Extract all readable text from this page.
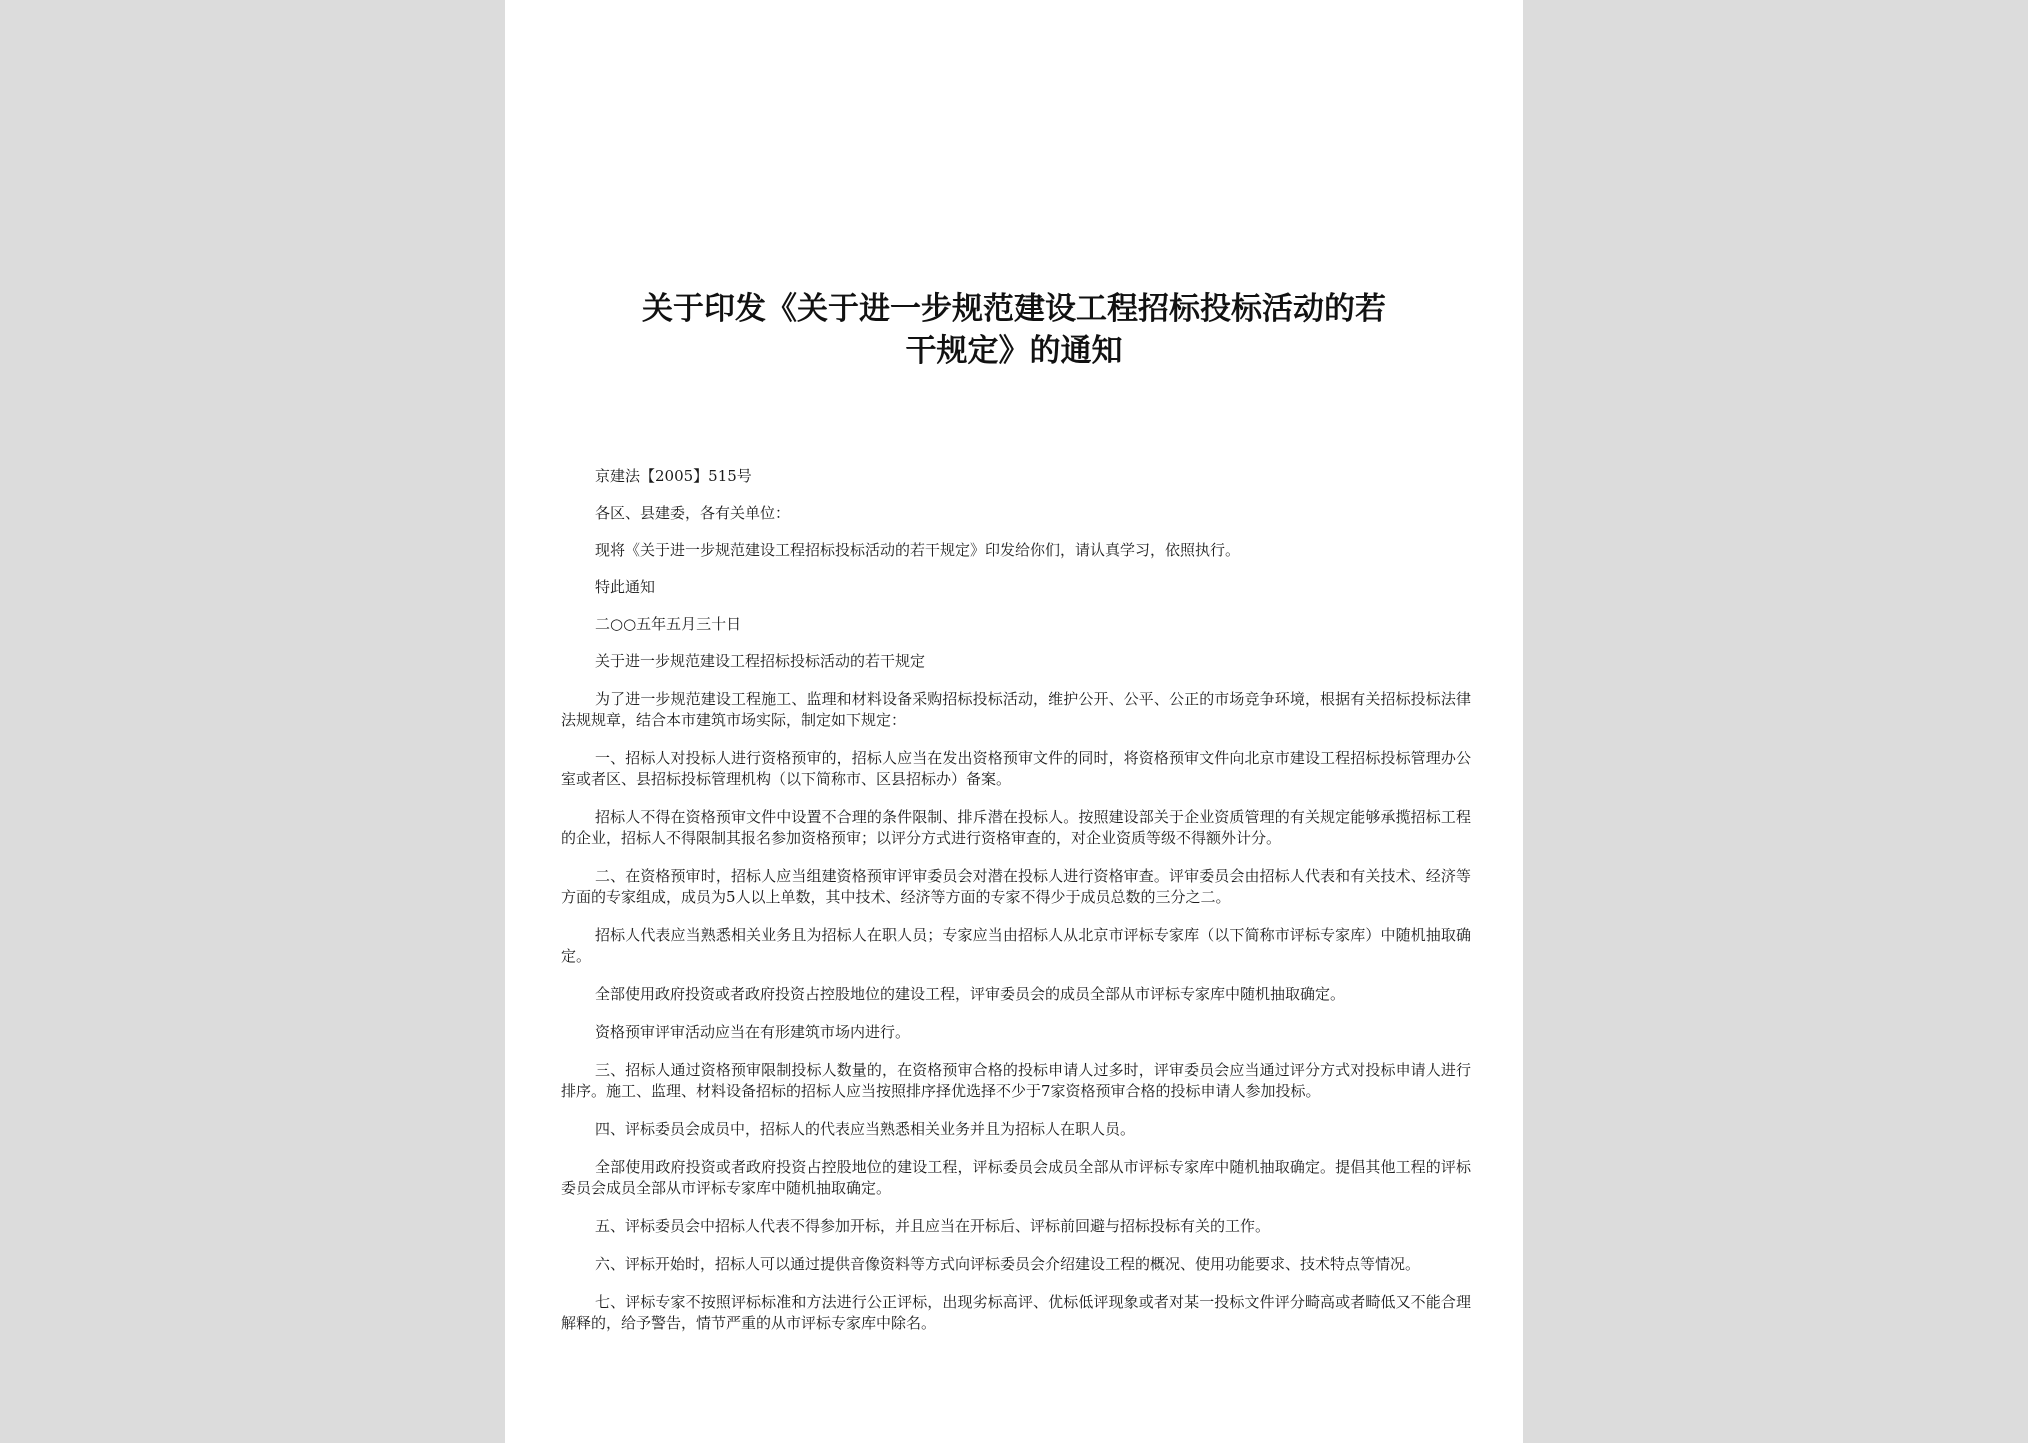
关于印发《关于进一步规范建设工程招标投标活动的若
干规定》的通知

京建法【2005】515号

各区、县建委，各有关单位：

现将《关于进一步规范建设工程招标投标活动的若干规定》印发给你们，请认真学习，依照执行。

特此通知

二○○五年五月三十日

关于进一步规范建设工程招标投标活动的若干规定

为了进一步规范建设工程施工、监理和材料设备采购招标投标活动，维护公开、公平、公正的市场竞争环境，根据有关招标投标法律法规规章，结合本市建筑市场实际，制定如下规定：

一、招标人对投标人进行资格预审的，招标人应当在发出资格预审文件的同时，将资格预审文件向北京市建设工程招标投标管理办公室或者区、县招标投标管理机构（以下简称市、区县招标办）备案。

招标人不得在资格预审文件中设置不合理的条件限制、排斥潜在投标人。按照建设部关于企业资质管理的有关规定能够承揽招标工程的企业，招标人不得限制其报名参加资格预审；以评分方式进行资格审查的，对企业资质等级不得额外计分。

二、在资格预审时，招标人应当组建资格预审评审委员会对潜在投标人进行资格审查。评审委员会由招标人代表和有关技术、经济等方面的专家组成，成员为5人以上单数，其中技术、经济等方面的专家不得少于成员总数的三分之二。

招标人代表应当熟悉相关业务且为招标人在职人员；专家应当由招标人从北京市评标专家库（以下简称市评标专家库）中随机抽取确定。

全部使用政府投资或者政府投资占控股地位的建设工程，评审委员会的成员全部从市评标专家库中随机抽取确定。

资格预审评审活动应当在有形建筑市场内进行。

三、招标人通过资格预审限制投标人数量的，在资格预审合格的投标申请人过多时，评审委员会应当通过评分方式对投标申请人进行排序。施工、监理、材料设备招标的招标人应当按照排序择优选择不少于7家资格预审合格的投标申请人参加投标。

四、评标委员会成员中，招标人的代表应当熟悉相关业务并且为招标人在职人员。

全部使用政府投资或者政府投资占控股地位的建设工程，评标委员会成员全部从市评标专家库中随机抽取确定。提倡其他工程的评标委员会成员全部从市评标专家库中随机抽取确定。

五、评标委员会中招标人代表不得参加开标，并且应当在开标后、评标前回避与招标投标有关的工作。

六、评标开始时，招标人可以通过提供音像资料等方式向评标委员会介绍建设工程的概况、使用功能要求、技术特点等情况。

七、评标专家不按照评标标准和方法进行公正评标，出现劣标高评、优标低评现象或者对某一投标文件评分畸高或者畸低又不能合理解释的，给予警告，情节严重的从市评标专家库中除名。
